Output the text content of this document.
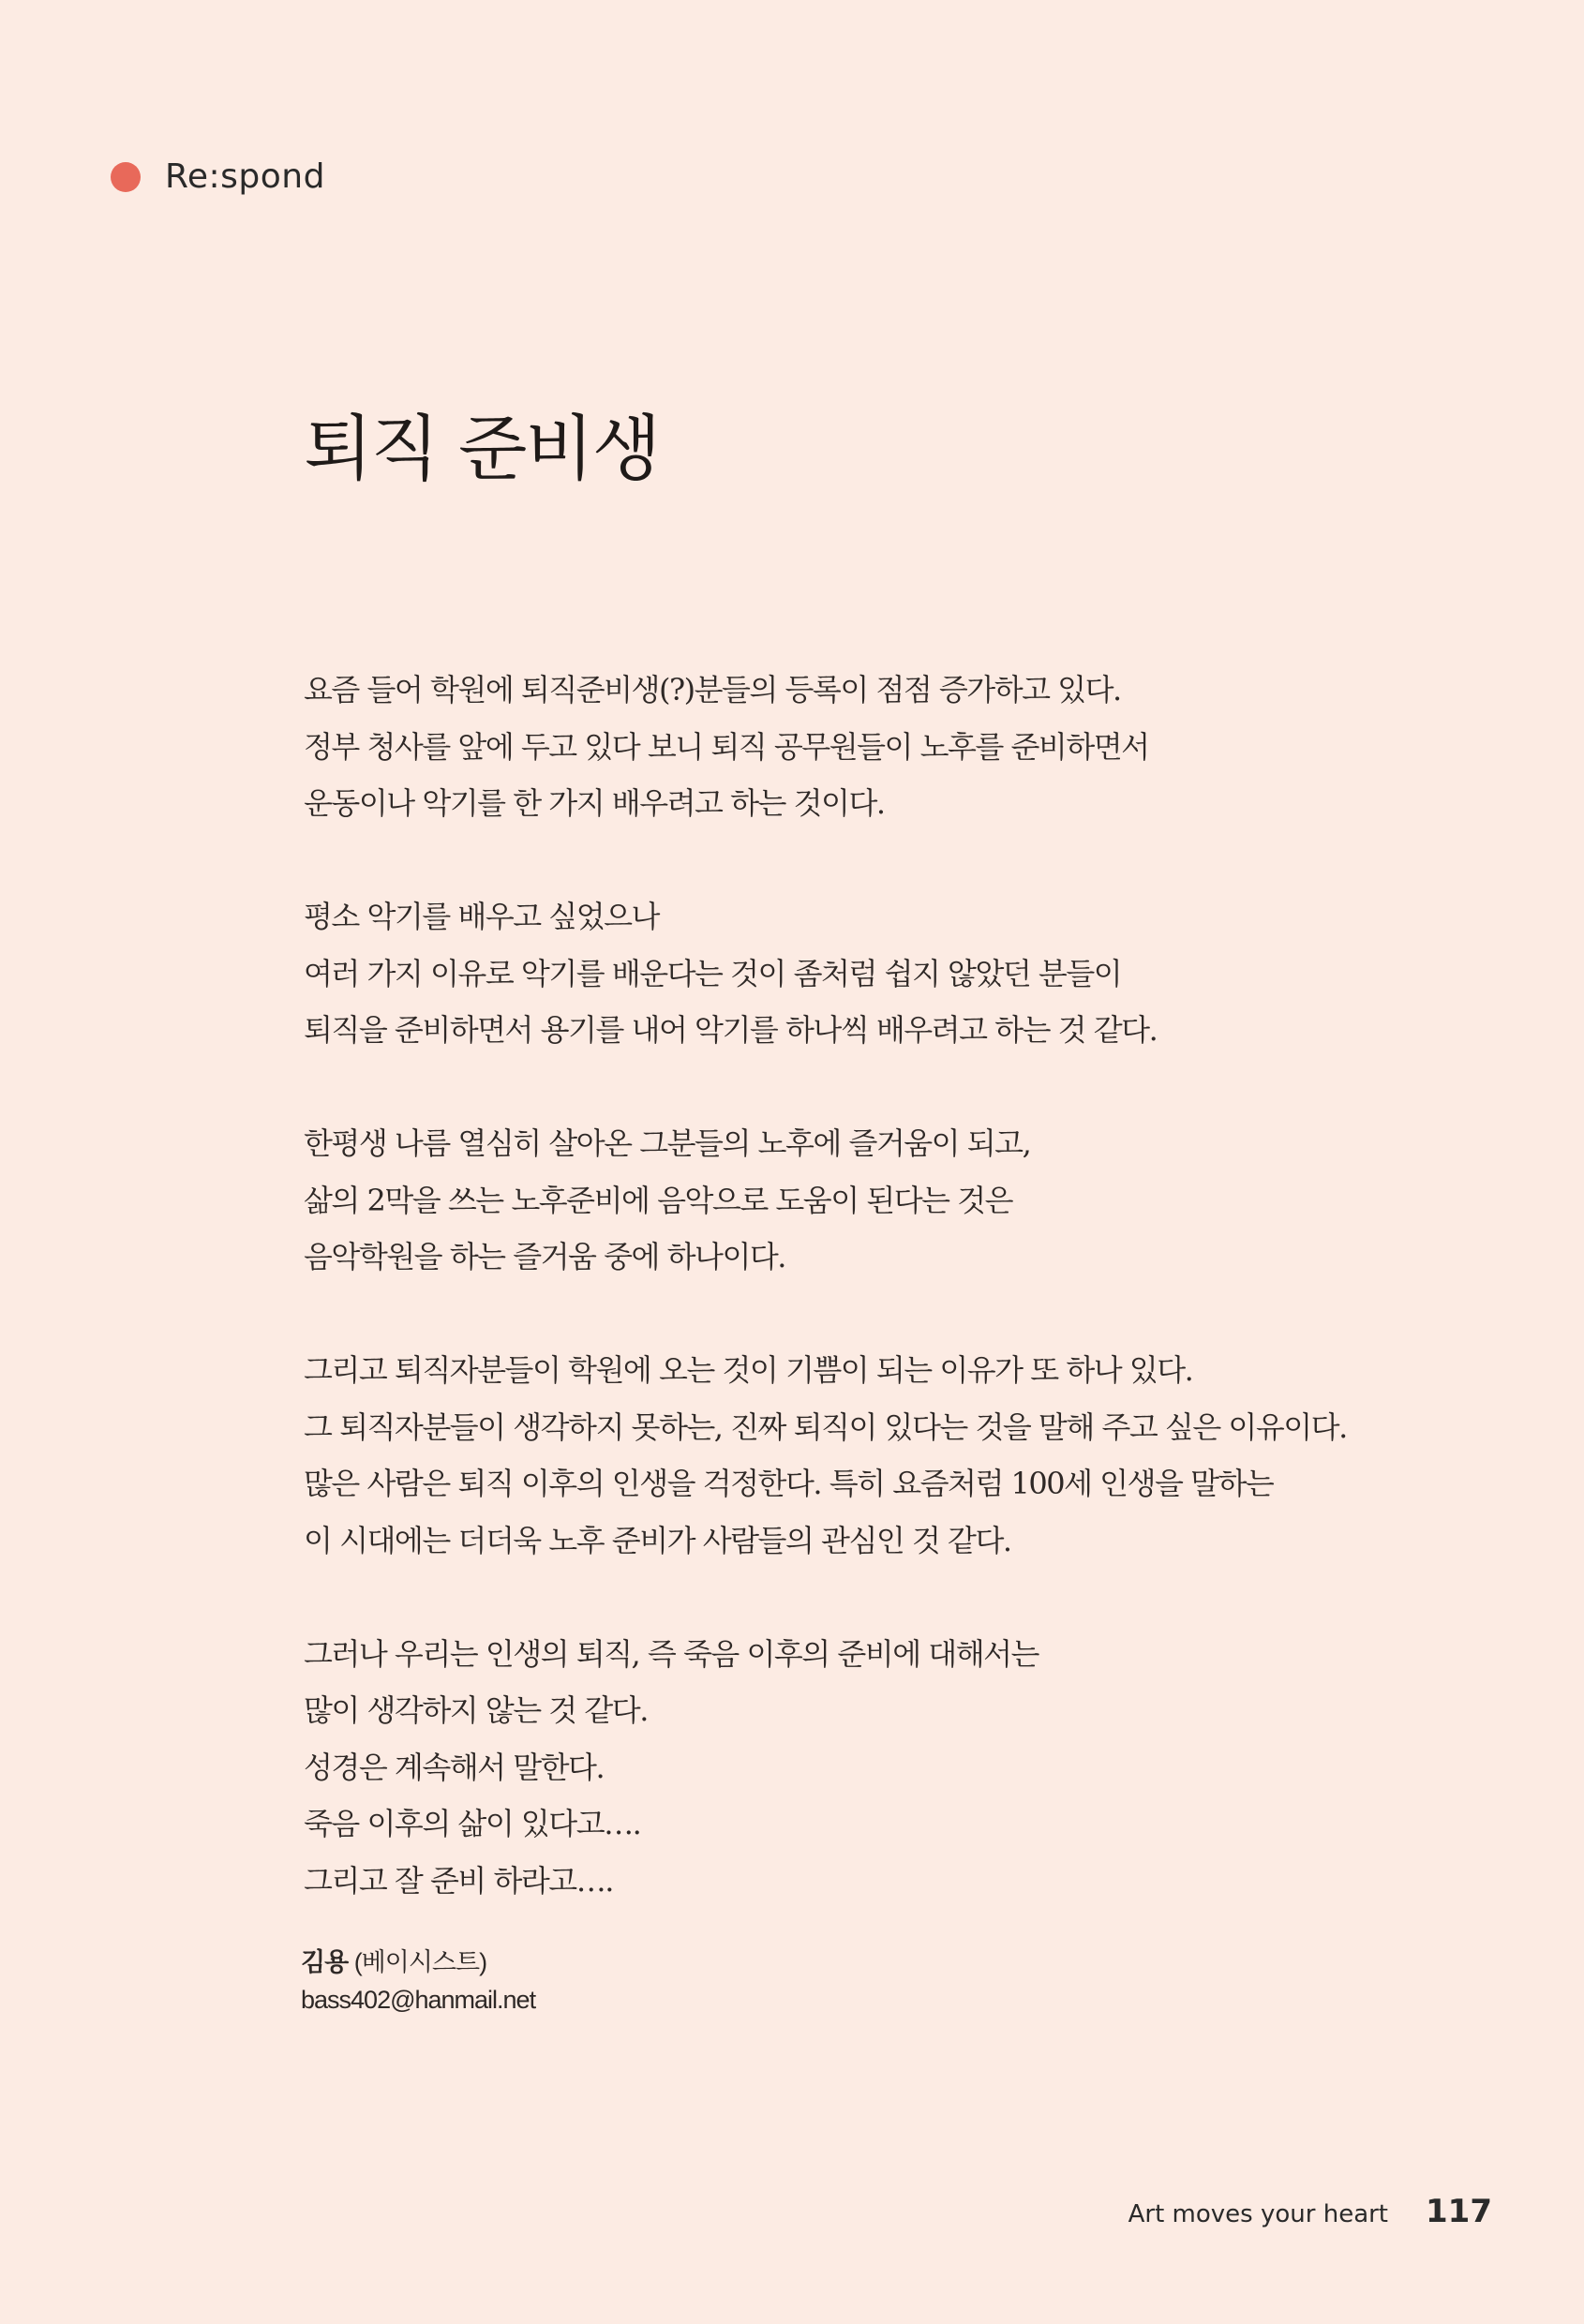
Re:spond
퇴직 준비생

요즘 들어 학원에 퇴직준비생(?)분들의 등록이 점점 증가하고 있다.
정부 청사를 앞에 두고 있다 보니 퇴직 공무원들이 노후를 준비하면서
운동이나 악기를 한 가지 배우려고 하는 것이다.

평소 악기를 배우고 싶었으나
여러 가지 이유로 악기를 배운다는 것이 좀처럼 쉽지 않았던 분들이
퇴직을 준비하면서 용기를 내어 악기를 하나씩 배우려고 하는 것 같다.

한평생 나름 열심히 살아온 그분들의 노후에 즐거움이 되고,
삶의 2막을 쓰는 노후준비에 음악으로 도움이 된다는 것은
음악학원을 하는 즐거움 중에 하나이다.

그리고 퇴직자분들이 학원에 오는 것이 기쁨이 되는 이유가 또 하나 있다.
그 퇴직자분들이 생각하지 못하는, 진짜 퇴직이 있다는 것을 말해 주고 싶은 이유이다.
많은 사람은 퇴직 이후의 인생을 걱정한다. 특히 요즘처럼 100세 인생을 말하는
이 시대에는 더더욱 노후 준비가 사람들의 관심인 것 같다.

그러나 우리는 인생의 퇴직, 즉 죽음 이후의 준비에 대해서는
많이 생각하지 않는 것 같다.
성경은 계속해서 말한다.
죽음 이후의 삶이 있다고….
그리고 잘 준비 하라고….

김용 (베이시스트)
bass402@hanmail.net
Art moves your heart 117
